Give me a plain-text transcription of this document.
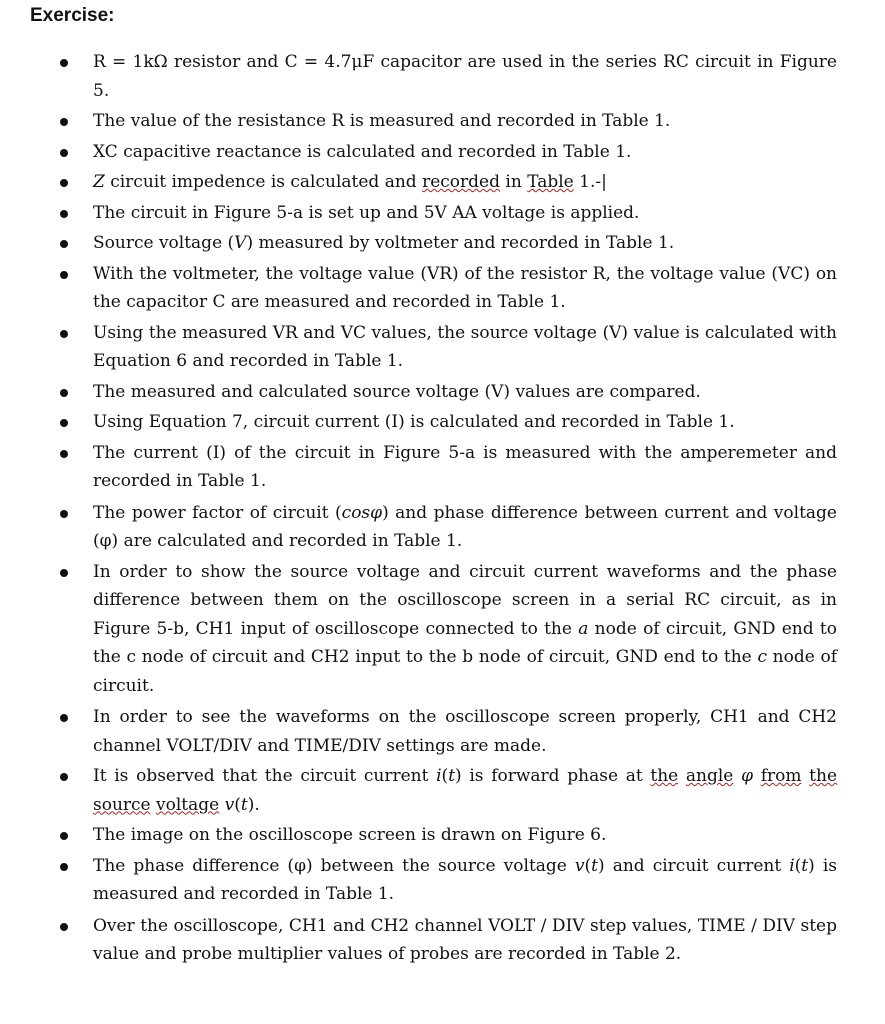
Exercise:
R = 1kΩ resistor and C = 4.7μF capacitor are used in the series RC circuit in Figure 5.
The value of the resistance R is measured and recorded in Table 1.
XC capacitive reactance is calculated and recorded in Table 1.
Z circuit impedence is calculated and recorded in Table 1.-|
The circuit in Figure 5-a is set up and 5V AA voltage is applied.
Source voltage (V) measured by voltmeter and recorded in Table 1.
With the voltmeter, the voltage value (VR) of the resistor R, the voltage value (VC) on the capacitor C are measured and recorded in Table 1.
Using the measured VR and VC values, the source voltage (V) value is calculated with Equation 6 and recorded in Table 1.
The measured and calculated source voltage (V) values are compared.
Using Equation 7, circuit current (I) is calculated and recorded in Table 1.
The current (I) of the circuit in Figure 5-a is measured with the amperemeter and recorded in Table 1.
The power factor of circuit (cosφ) and phase difference between current and voltage (φ) are calculated and recorded in Table 1.
In order to show the source voltage and circuit current waveforms and the phase difference between them on the oscilloscope screen in a serial RC circuit, as in Figure 5-b, CH1 input of oscilloscope connected to the a node of circuit, GND end to the c node of circuit and CH2 input to the b node of circuit, GND end to the c node of circuit.
In order to see the waveforms on the oscilloscope screen properly, CH1 and CH2 channel VOLT/DIV and TIME/DIV settings are made.
It is observed that the circuit current i(t) is forward phase at the angle φ from the source voltage v(t).
The image on the oscilloscope screen is drawn on Figure 6.
The phase difference (φ) between the source voltage v(t) and circuit current i(t) is measured and recorded in Table 1.
Over the oscilloscope, CH1 and CH2 channel VOLT / DIV step values, TIME / DIV step value and probe multiplier values of probes are recorded in Table 2.
